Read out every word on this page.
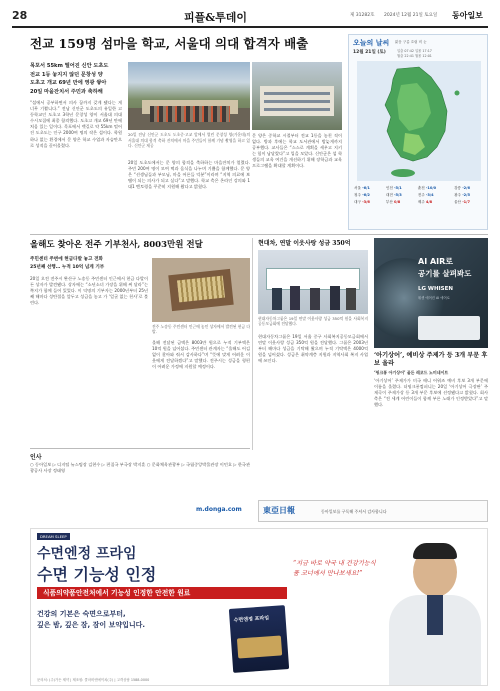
28	피플&투데이	제 31282호 2024년 12월 21일 토요일 동아일보
전교 159명 섬마을 학교, 서울대 의대 합격자 배출
목포서 55km 떨어진 신안 도초도
전교 1등 놓지지 않던 문창성 양
도초고 개교 69년 만에 영광 쌓아
20일 마을잔치서 주민과 축하해
“섬에서 공부하면서 의사 꿈까지 갖게 됐다는 게 너무 기쁩니다.” 전남 신안군 도초도의 유일한 고등학교인 도초고 3학년 문창성 양이 서울대 의대 수시모집에 최종 합격했다. 도초고 개교 69년 만에 처음 있는 일이다. 목포에서 뱃길로 약 55km 떨어진 도초도는 인구 2000여 명의 작은 섬이다. 학원 하나 없는 환경에서 문 양은 학교 수업과 자습만으로 성적을 끌어올렸다.
20일 전남 신안군 도초도 도초중·고교 앞에서 열린 문창성 양(가운데)의 서울대 의대 합격 축하 잔치에서 마을 주민들이 함께 기념 촬영을 하고 있다. 신안군 제공
20일 도초도에서는 문 양의 합격을 축하하는 마을잔치가 열렸다. 주민 200여 명이 모여 떡과 음식을 나누며 기쁨을 함께했다. 문 양은 “선생님들과 부모님, 마을 어른들 덕분”이라며 “지역 의료에 보탬이 되는 의사가 되고 싶다”고 말했다. 학교 측은 온라인 강의와 1대1 멘토링을 꾸준히 지원해 왔다고 밝혔다.
문 양은 중학교 시절부터 전교 1등을 놓친 적이 없다. 방과 후에는 학교 도서관에서 밤늦게까지 공부했다. 교사들은 “스스로 계획을 세우고 지키는 힘이 남달랐다”고 입을 모았다. 신안군은 섬 학생들의 교육 여건을 개선하기 위해 장학금과 교육 프로그램을 확대할 계획이다.
오늘의 날씨 맑음 구름 흐림 비 눈
12월 21일 (토)	일출 07:42 일몰 17:17
월출 22:41 월몰 12:01
서울 -6/1	인천 -5/1	춘천 -10/0	강릉 -2/6
청주 -6/2	대전 -5/3	전주 -3/4	광주 -2/5
대구 -3/6	부산 0/8	제주 4/8	울산 -1/7
올해도 찾아온 전주 기부천사, 8003만원 전달
주민센터 주변에 현금다발 놓고 전화
25년째 선행… 누적 10억 넘게 기부
20일 오전 전주시 완산구 노송동 주민센터 인근에서 현금 다발이 든 상자가 발견됐다. 상자에는 “소년소녀 가장을 위해 써 달라”는 쪽지가 함께 들어 있었다. 이 익명의 기부자는 2000년부터 25년째 해마다 성탄절을 앞두고 성금을 놓고 가 ‘얼굴 없는 천사’로 불린다.
전주 노송동 주민센터 인근에 놓인 상자에서 발견된 현금 다발.
올해 전달된 금액은 8003만 원으로 누적 기부액은 10억 원을 넘어섰다. 주민센터 관계자는 “올해도 어김없이 찾아와 줘서 감사하다”며 “뜻에 맞게 어려운 이웃에게 전달하겠다”고 말했다. 전주시는 성금을 형편이 어려운 가정에 지원할 예정이다.
현대차, 연말 이웃사랑 성금 350억
현대자동차그룹은 19일 연말 이웃사랑 성금 350억 원을 사회복지공동모금회에 전달했다.
현대자동차그룹은 19일 서울 중구 사회복지공동모금회에서 연말 이웃사랑 성금 350억 원을 전달했다. 그룹은 2003년부터 해마다 성금을 기탁해 왔으며 누적 기탁액은 4000억 원을 넘어섰다. 성금은 취약계층 지원과 지역사회 복지 사업에 쓰인다.
AI AIR로
공기를 살펴봐도
LG WHISEN
휘센 에어컨 AI 에어로
‘아기상어’, 예비상 주제가 등 3개 부문 후보 올라
‘핑크퐁 아기상어’ 골든 레코드 노미네이트
‘아기상어’ 주제가가 미국 애니 어워즈 예비 후보 3개 부문에 이름을 올렸다. 더핑크퐁컴퍼니는 20일 ‘아기상어 극장판’ 주제곡이 주제가상 등 3개 부문 후보에 선정됐다고 밝혔다. 회사 측은 “전 세계 어린이들이 함께 부른 노래가 인정받았다”고 말했다.
東亞日報	동아일보를 구독해 주셔서 감사합니다
m.donga.com
인사
○ 동아일보 ▷ 디지털 뉴스팀장 김현수 ▷ 편집국 부국장 박지훈 ○ 문화체육관광부 ▷ 국립중앙박물관장 이민호 ▷ 한국관광공사 사장 정태영
DREAM SLEEP
수면엔정 프라임
수면 기능성 인정
식품의약품안전처에서 기능성 인정한 안전한 원료
건강의 기본은 숙면으로부터,
깊은 밤, 깊은 잠, 잠이 보약입니다.
수면엔정 프라임
“지금 바로 약국 내 건강기능식품 코너에서 만나보세요!”
문의처: (주)가든 제약 | 제조원: 콜마비앤에이치(주) | 고객상담 1588-0000
